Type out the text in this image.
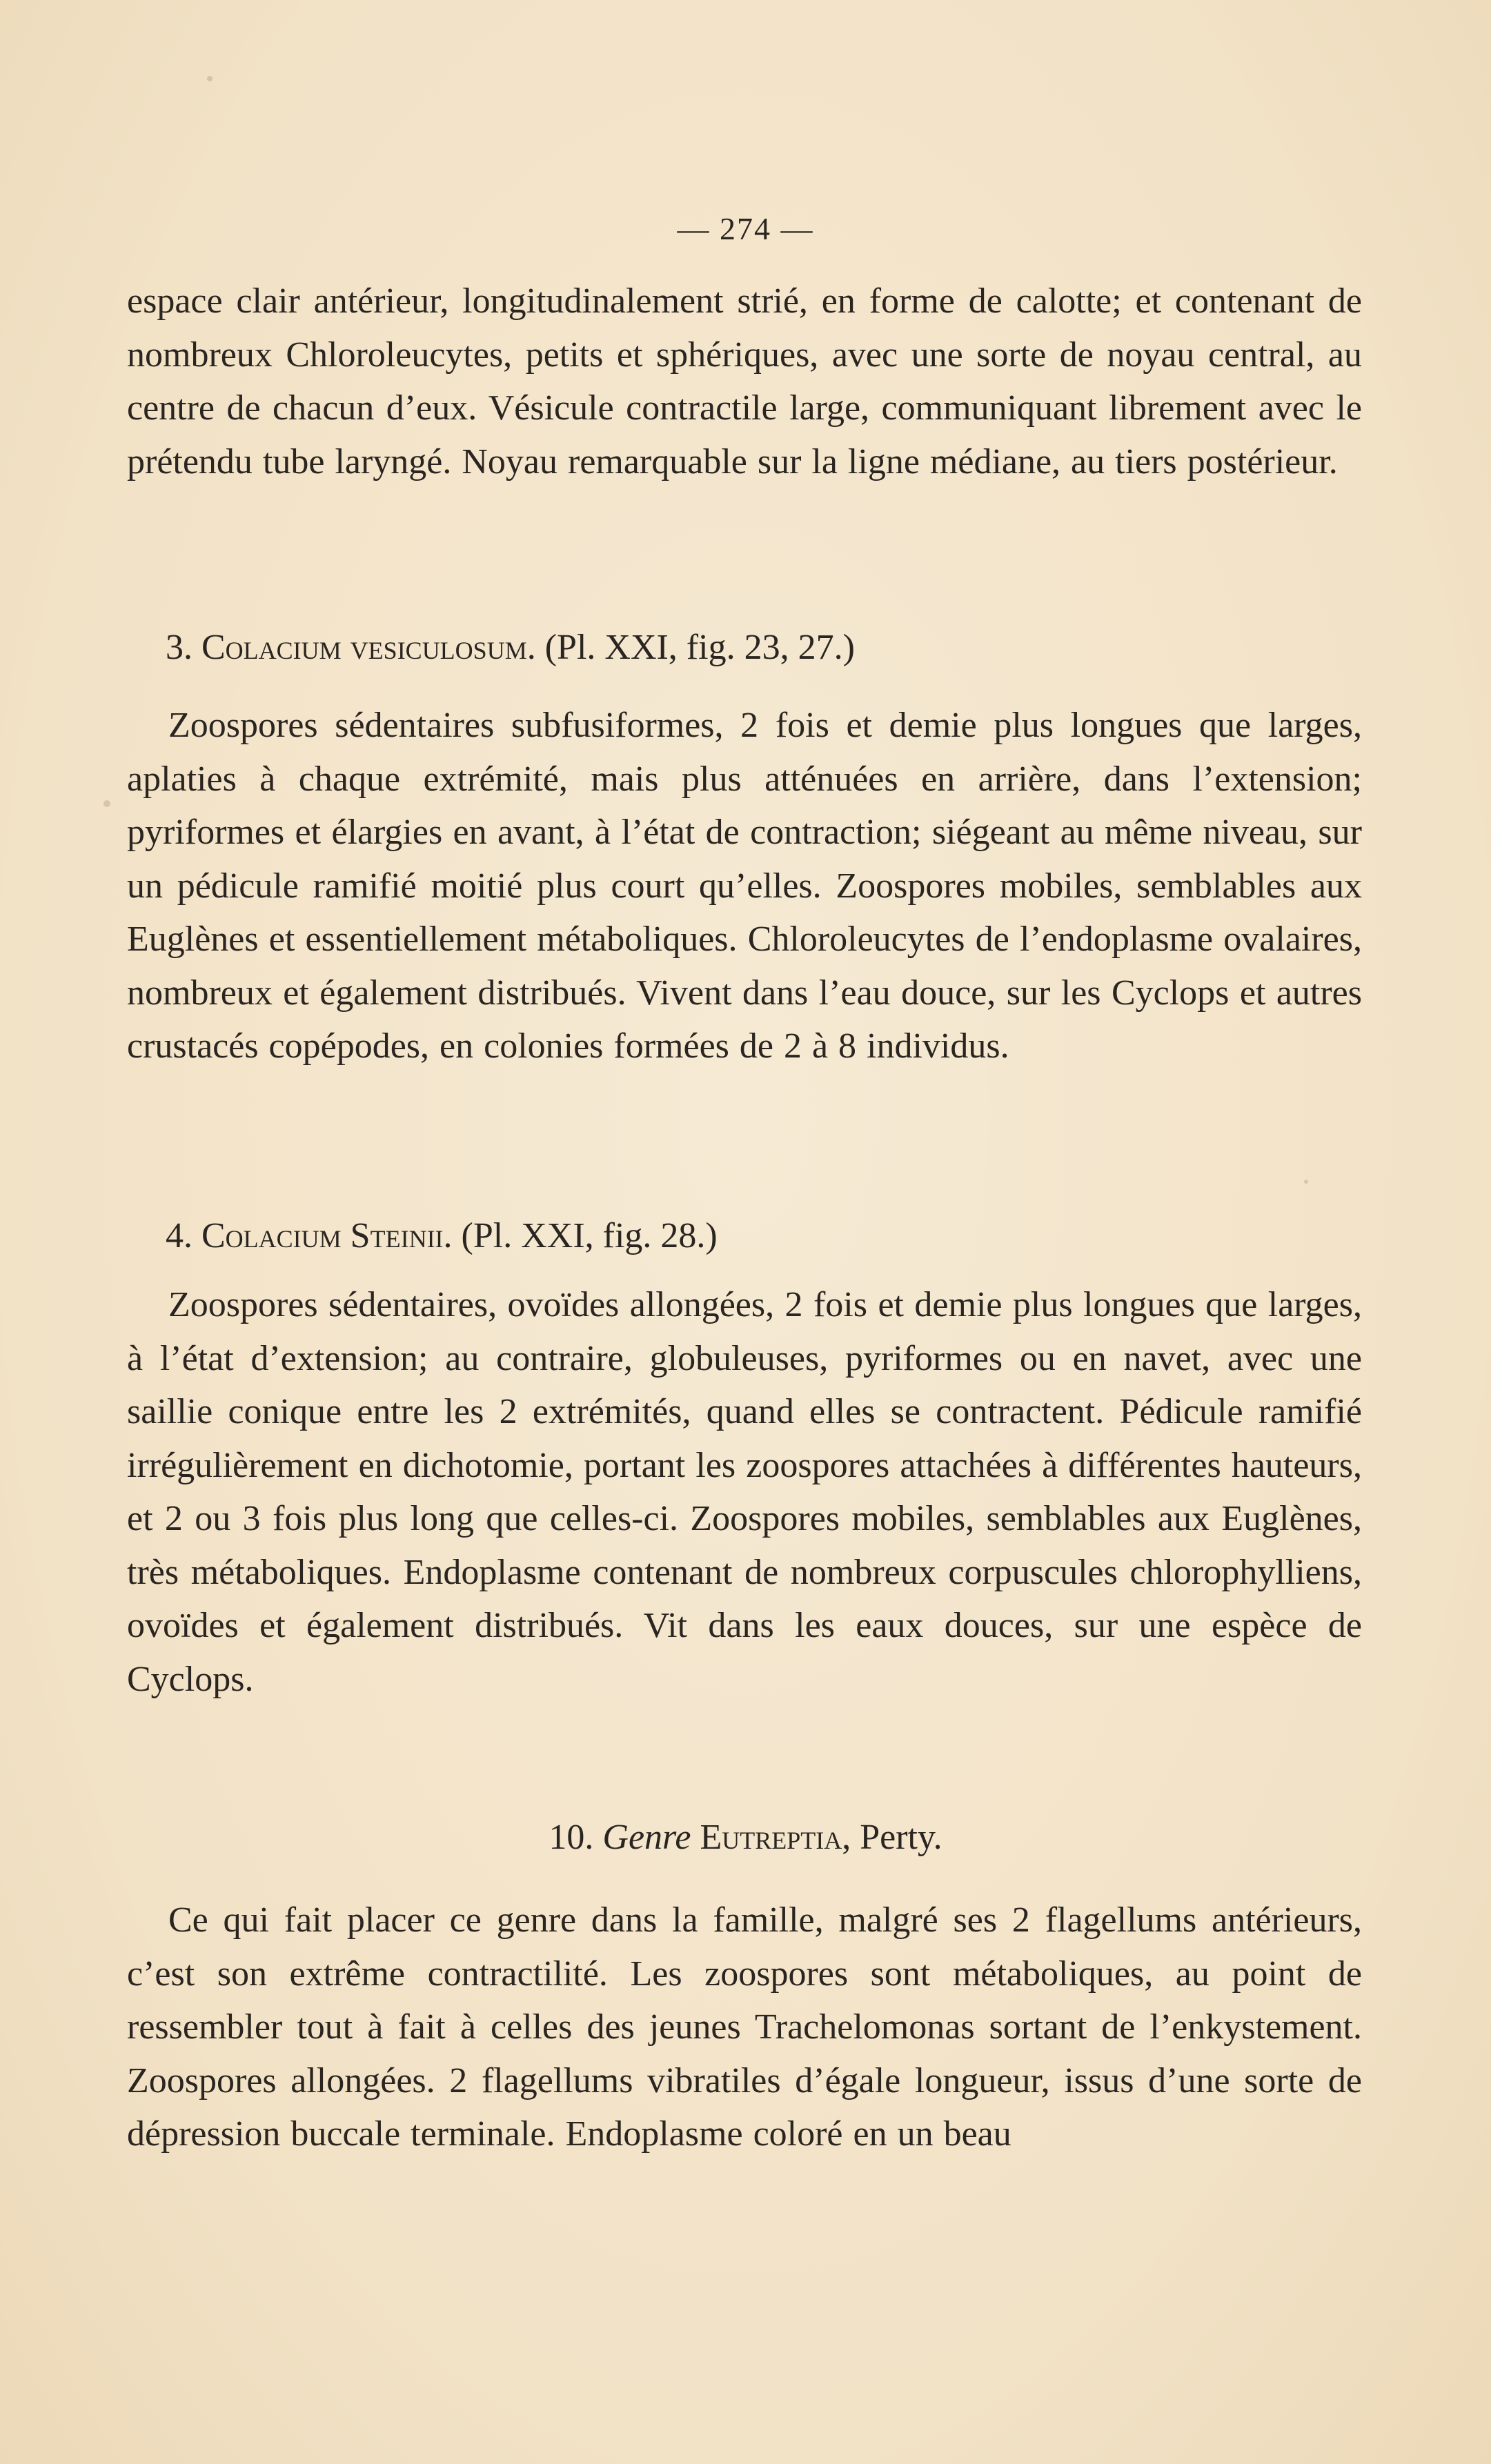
— 274 —

espace clair antérieur, longitudinalement strié, en forme de calotte; et contenant de nombreux Chloroleucytes, petits et sphériques, avec une sorte de noyau central, au centre de chacun d’eux. Vésicule contractile large, communiquant librement avec le prétendu tube laryngé. Noyau remarquable sur la ligne médiane, au tiers postérieur.

3. Colacium vesiculosum. (Pl. XXI, fig. 23, 27.)

Zoospores sédentaires subfusiformes, 2 fois et demie plus longues que larges, aplaties à chaque extrémité, mais plus atténuées en arrière, dans l’extension; pyriformes et élargies en avant, à l’état de contraction; siégeant au même niveau, sur un pédicule ramifié moitié plus court qu’elles. Zoospores mobiles, semblables aux Euglènes et essentiellement métaboliques. Chloroleucytes de l’endoplasme ovalaires, nombreux et également distribués. Vivent dans l’eau douce, sur les Cyclops et autres crustacés copépodes, en colonies formées de 2 à 8 individus.

4. Colacium Steinii. (Pl. XXI, fig. 28.)

Zoospores sédentaires, ovoïdes allongées, 2 fois et demie plus longues que larges, à l’état d’extension; au contraire, globuleuses, pyriformes ou en navet, avec une saillie conique entre les 2 extrémités, quand elles se contractent. Pédicule ramifié irrégulièrement en dichotomie, portant les zoospores attachées à différentes hauteurs, et 2 ou 3 fois plus long que celles-ci. Zoospores mobiles, semblables aux Euglènes, très métaboliques. Endoplasme contenant de nombreux corpuscules chlorophylliens, ovoïdes et également distribués. Vit dans les eaux douces, sur une espèce de Cyclops.

10. Genre Eutreptia, Perty.

Ce qui fait placer ce genre dans la famille, malgré ses 2 flagellums antérieurs, c’est son extrême contractilité. Les zoospores sont métaboliques, au point de ressembler tout à fait à celles des jeunes Trachelomonas sortant de l’enkystement. Zoospores allongées. 2 flagellums vibratiles d’égale longueur, issus d’une sorte de dépression buccale terminale. Endoplasme coloré en un beau
